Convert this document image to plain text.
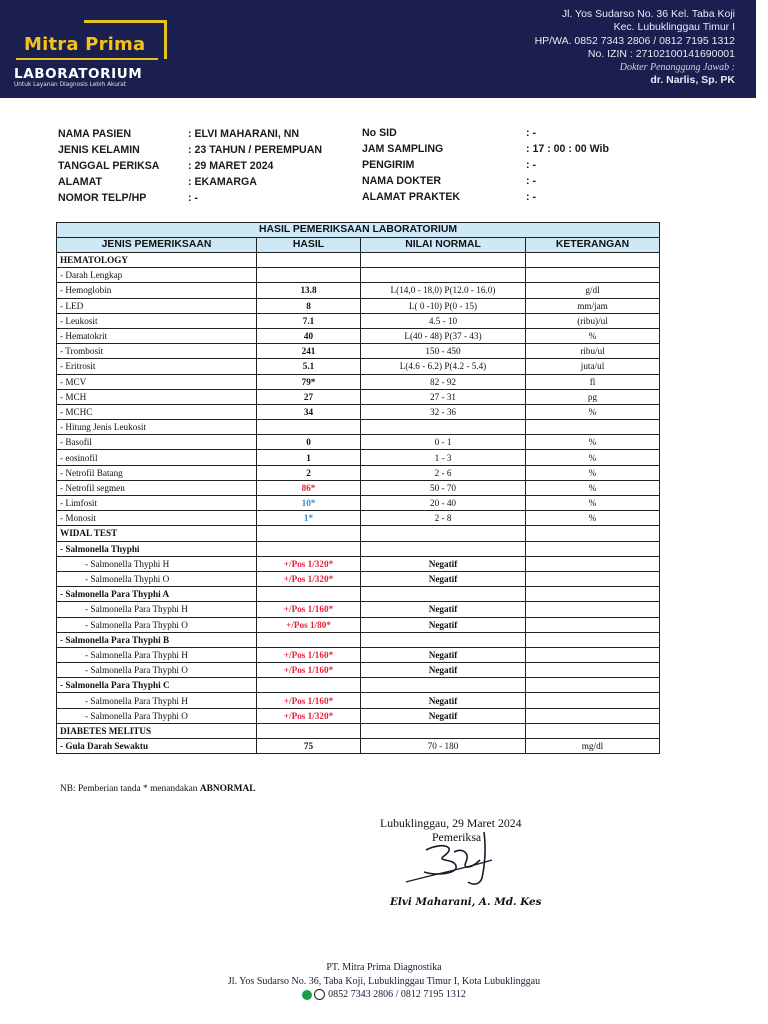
Mitra Prima
LABORATORIUM
Untuk Layanan Diagnosis Lebih Akurat
Jl. Yos Sudarso No. 36 Kel. Taba Koji
Kec. Lubuklinggau Timur I
HP/WA. 0852 7343 2806 / 0812 7195 1312
No. IZIN : 27102100141690001
Dokter Penanggung Jawab :
dr. Narlis, Sp. PK
NAMA PASIEN	: ELVI MAHARANI, NN
JENIS KELAMIN	: 23 TAHUN / PEREMPUAN
TANGGAL PERIKSA	: 29 MARET 2024
ALAMAT	: EKAMARGA
NOMOR TELP/HP	: -
No SID	: -
JAM SAMPLING	: 17 : 00 : 00 Wib
PENGIRIM	: -
NAMA DOKTER	: -
ALAMAT PRAKTEK	: -
HASIL PEMERIKSAAN LABORATORIUM			
JENIS PEMERIKSAAN	HASIL	NILAI NORMAL	KETERANGAN
HEMATOLOGY			
- Darah Lengkap			
- Hemoglobin	13.8	L(14,0 - 18,0) P(12.0 - 16.0)	g/dl
- LED	8	L( 0 -10) P(0 - 15)	mm/jam
- Leukosit	7.1	4.5 - 10	(ribu)/ul
- Hematokrit	40	L(40 - 48) P(37 - 43)	%
- Trombosit	241	150 - 450	ribu/ul
- Eritrosit	5.1	L(4.6 - 6.2) P(4.2 - 5.4)	juta/ul
- MCV	79*	82 - 92	fl
- MCH	27	27 - 31	pg
- MCHC	34	32 - 36	%
- Hitung Jenis Leukosit			
- Basofil	0	0 - 1	%
- eosinofil	1	1 - 3	%
- Netrofil Batang	2	2 - 6	%
- Netrofil segmen	86*	50 - 70	%
- Limfosit	10*	20 - 40	%
- Monosit	1*	2 - 8	%
WIDAL TEST			
- Salmonella Thyphi			
- Salmonella Thyphi H	+/Pos 1/320*	Negatif	
- Salmonella Thyphi O	+/Pos 1/320*	Negatif	
- Salmonella Para Thyphi A			
- Salmonella Para Thyphi H	+/Pos 1/160*	Negatif	
- Salmonella Para Thyphi O	+/Pos 1/80*	Negatif	
- Salmonella Para Thyphi B			
- Salmonella Para Thyphi H	+/Pos 1/160*	Negatif	
- Salmonella Para Thyphi O	+/Pos 1/160*	Negatif	
- Salmonella Para Thyphi C			
- Salmonella Para Thyphi H	+/Pos 1/160*	Negatif	
- Salmonella Para Thyphi O	+/Pos 1/320*	Negatif	
DIABETES MELITUS			
- Gula Darah Sewaktu	75	70 - 180	mg/dl
NB: Pemberian tanda * menandakan ABNORMAL
Lubuklinggau, 29 Maret 2024
Pemeriksa
Elvi Maharani, A. Md. Kes
PT. Mitra Prima Diagnostika
Jl. Yos Sudarso No. 36, Taba Koji, Lubuklinggau Timur I, Kota Lubuklinggau
0852 7343 2806 / 0812 7195 1312
